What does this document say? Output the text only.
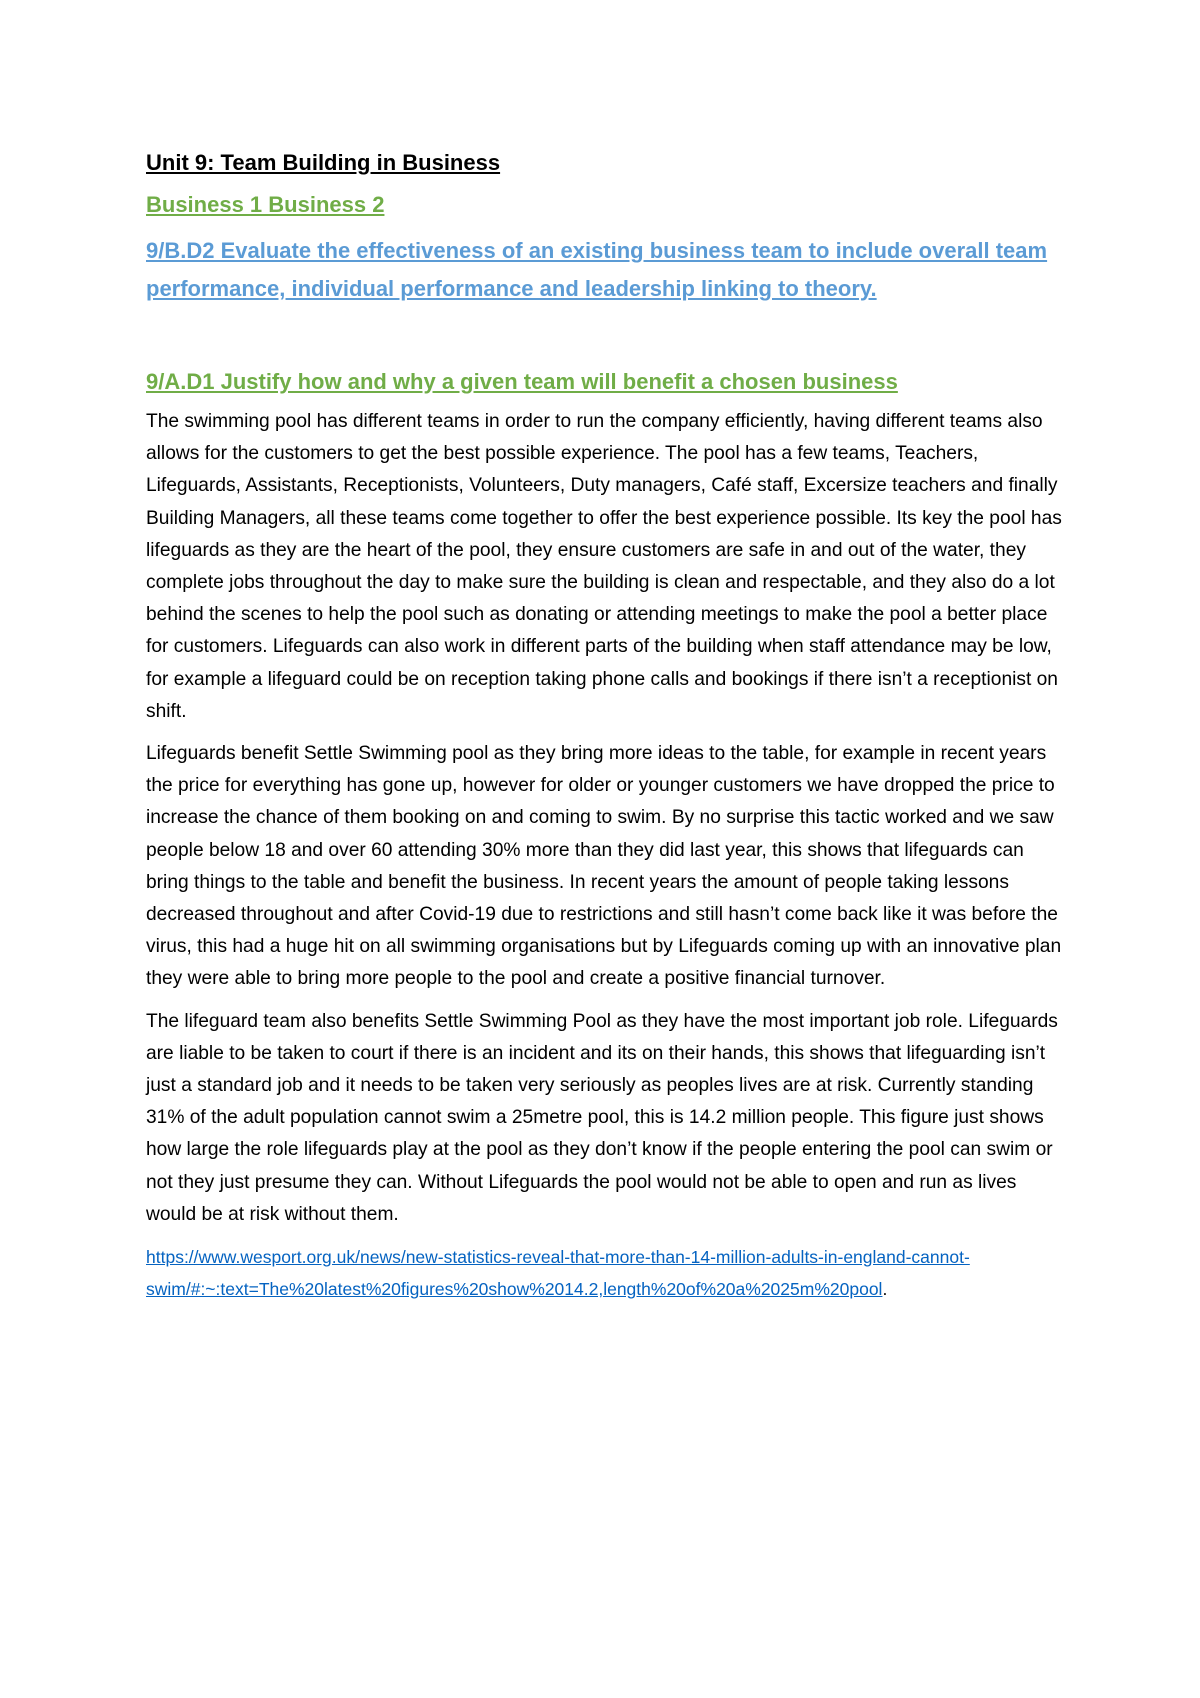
Unit 9: Team Building in Business
Business 1 Business 2
9/B.D2 Evaluate the effectiveness of an existing business team to include overall team performance, individual performance and leadership linking to theory.
9/A.D1 Justify how and why a given team will benefit a chosen business

The swimming pool has different teams in order to run the company efficiently, having different teams also allows for the customers to get the best possible experience. The pool has a few teams, Teachers, Lifeguards, Assistants, Receptionists, Volunteers, Duty managers, Café staff, Excersize teachers and finally Building Managers, all these teams come together to offer the best experience possible. Its key the pool has lifeguards as they are the heart of the pool, they ensure customers are safe in and out of the water, they complete jobs throughout the day to make sure the building is clean and respectable, and they also do a lot behind the scenes to help the pool such as donating or attending meetings to make the pool a better place for customers. Lifeguards can also work in different parts of the building when staff attendance may be low, for example a lifeguard could be on reception taking phone calls and bookings if there isn’t a receptionist on shift.

Lifeguards benefit Settle Swimming pool as they bring more ideas to the table, for example in recent years the price for everything has gone up, however for older or younger customers we have dropped the price to increase the chance of them booking on and coming to swim. By no surprise this tactic worked and we saw people below 18 and over 60 attending 30% more than they did last year, this shows that lifeguards can bring things to the table and benefit the business. In recent years the amount of people taking lessons decreased throughout and after Covid-19 due to restrictions and still hasn’t come back like it was before the virus, this had a huge hit on all swimming organisations but by Lifeguards coming up with an innovative plan they were able to bring more people to the pool and create a positive financial turnover.

The lifeguard team also benefits Settle Swimming Pool as they have the most important job role. Lifeguards are liable to be taken to court if there is an incident and its on their hands, this shows that lifeguarding isn’t just a standard job and it needs to be taken very seriously as peoples lives are at risk. Currently standing 31% of the adult population cannot swim a 25metre pool, this is 14.2 million people. This figure just shows how large the role lifeguards play at the pool as they don’t know if the people entering the pool can swim or not they just presume they can. Without Lifeguards the pool would not be able to open and run as lives would be at risk without them.

https://www.wesport.org.uk/news/new-statistics-reveal-that-more-than-14-million-adults-in-england-cannot-swim/#:~:text=The%20latest%20figures%20show%2014.2,length%20of%20a%2025m%20pool.
